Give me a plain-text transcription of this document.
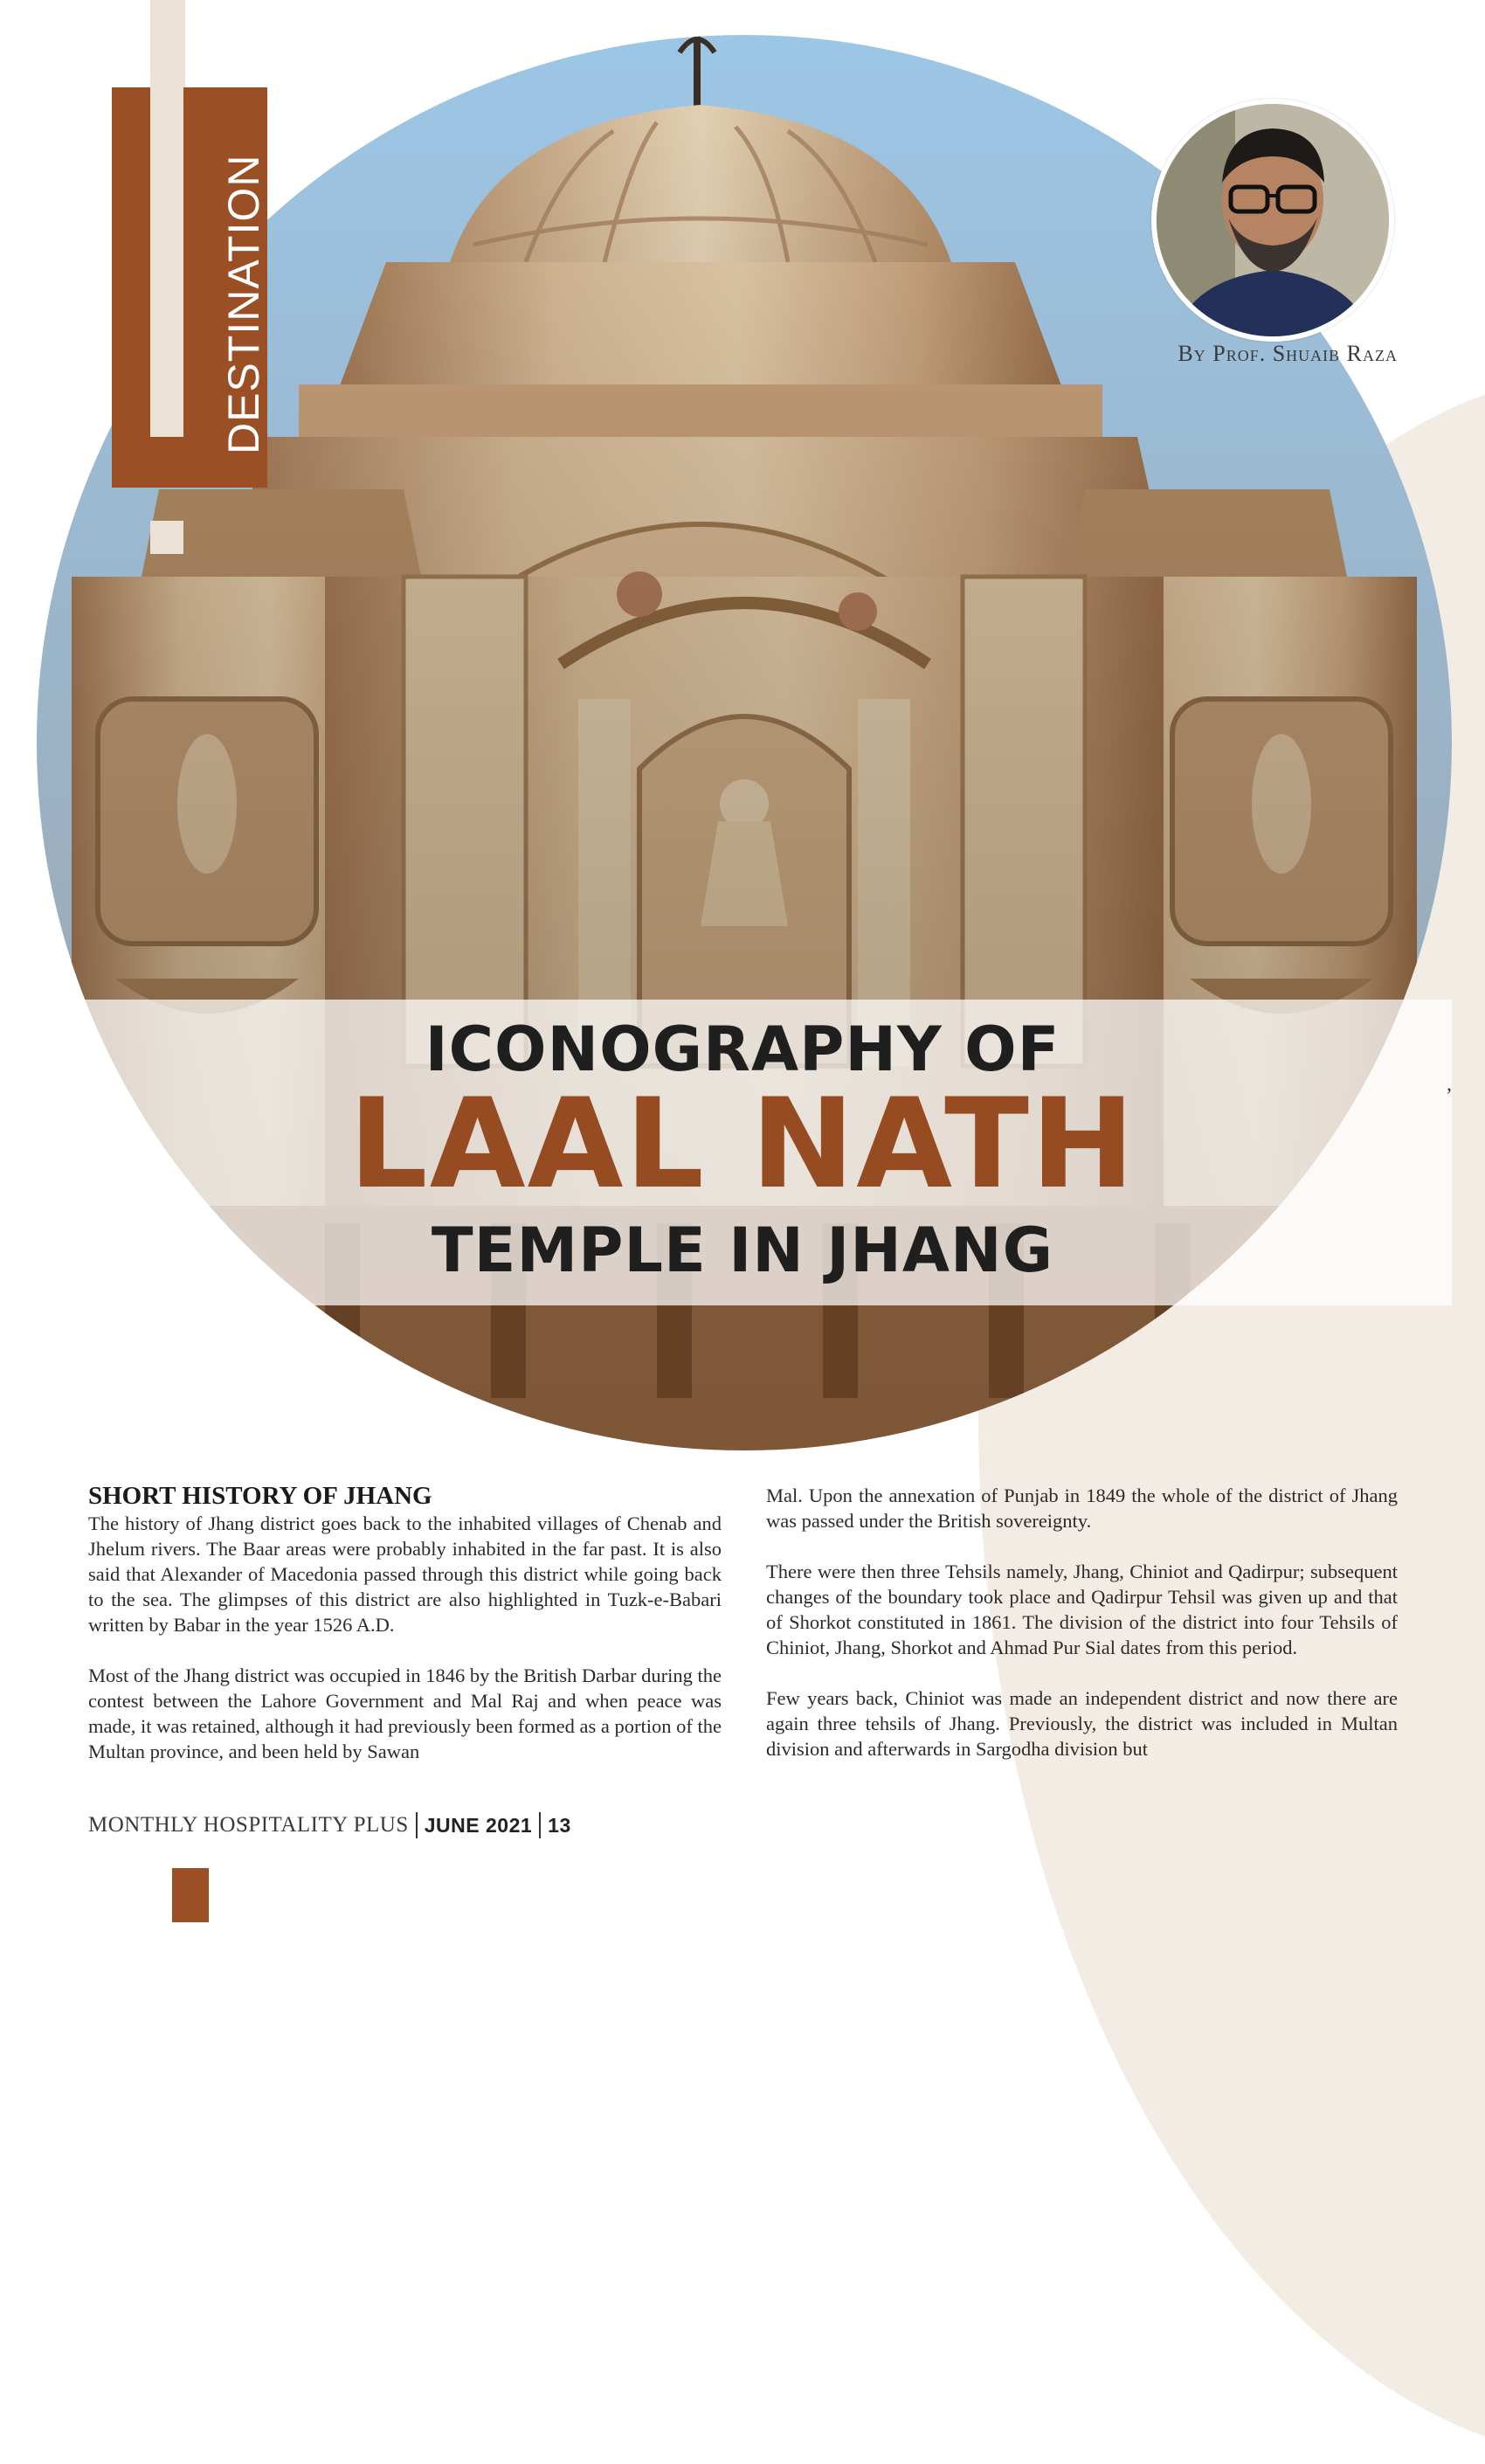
DESTINATION	By Prof. Shuaib Raza
ICONOGRAPHY OF
LAAL NATH
TEMPLE IN JHANG
,
SHORT HISTORY OF JHANG

The history of Jhang district goes back to the inhabited villages of Chenab and Jhelum rivers. The Baar areas were probably inhabited in the far past. It is also said that Alexander of Macedonia passed through this district while going back to the sea. The glimpses of this district are also highlighted in Tuzk-e-Babari written by Babar in the year 1526 A.D.

Most of the Jhang district was occupied in 1846 by the British Darbar during the contest between the Lahore Government and Mal Raj and when peace was made, it was retained, although it had previously been formed as a portion of the Multan province, and been held by Sawan

Mal. Upon the annexation of Punjab in 1849 the whole of the district of Jhang was passed under the British sovereignty.

There were then three Tehsils namely, Jhang, Chiniot and Qadirpur; subsequent changes of the boundary took place and Qadirpur Tehsil was given up and that of Shorkot constituted in 1861. The division of the district into four Tehsils of Chiniot, Jhang, Shorkot and Ahmad Pur Sial dates from this period.

Few years back, Chiniot was made an independent district and now there are again three tehsils of Jhang. Previously, the district was included in Multan division and afterwards in Sargodha division but

MONTHLY HOSPITALITY PLUS JUNE 2021 13
